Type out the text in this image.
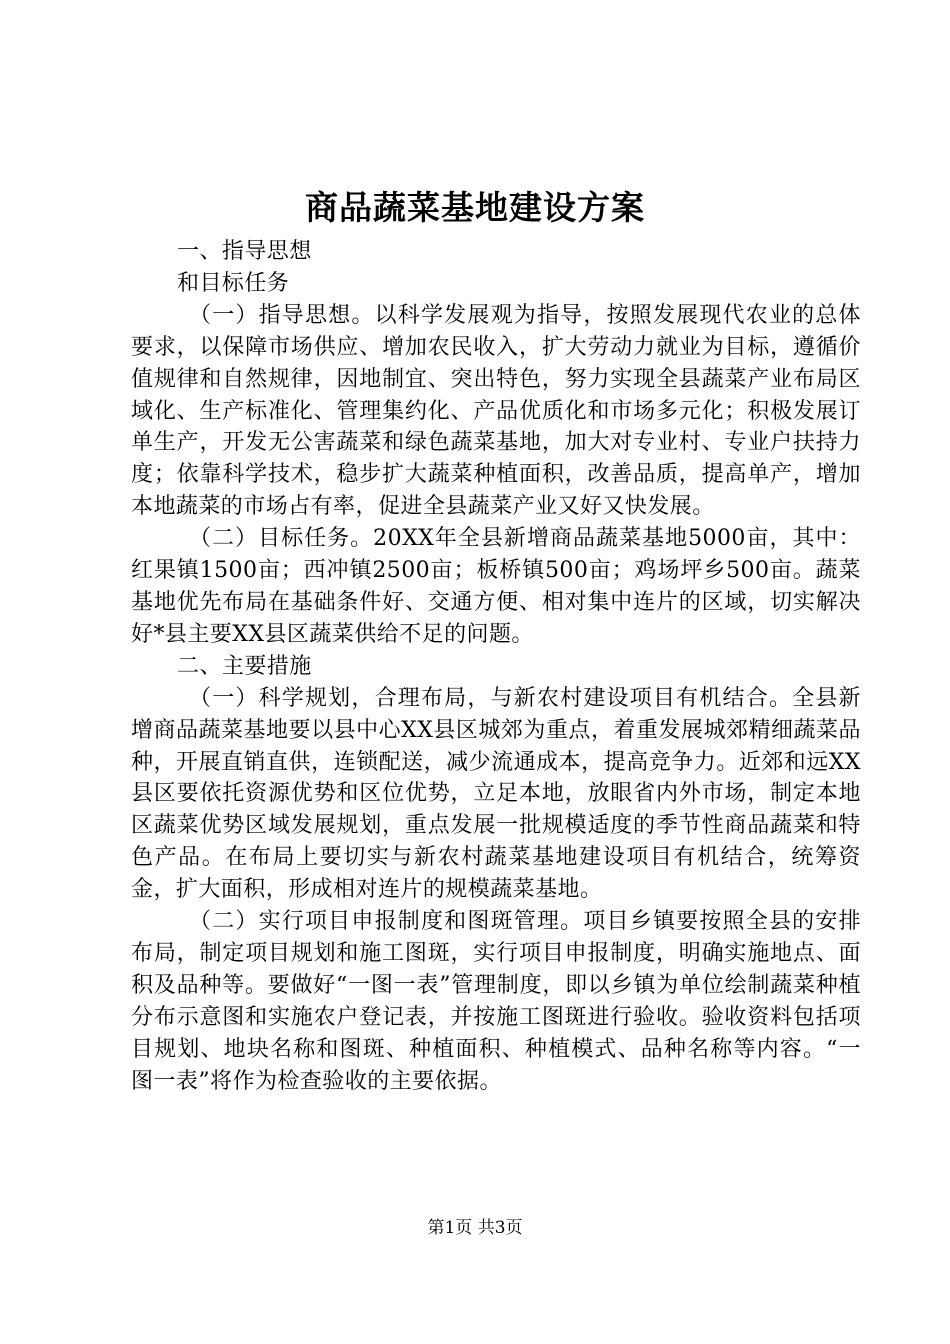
商品蔬菜基地建设方案

一、指导思想

和目标任务

（一）指导思想。以科学发展观为指导，按照发展现代农业的总体要求，以保障市场供应、增加农民收入，扩大劳动力就业为目标，遵循价值规律和自然规律，因地制宜、突出特色，努力实现全县蔬菜产业布局区域化、生产标准化、管理集约化、产品优质化和市场多元化；积极发展订单生产，开发无公害蔬菜和绿色蔬菜基地，加大对专业村、专业户扶持力度；依靠科学技术，稳步扩大蔬菜种植面积，改善品质，提高单产，增加本地蔬菜的市场占有率，促进全县蔬菜产业又好又快发展。

（二）目标任务。20XX年全县新增商品蔬菜基地5000亩，其中：红果镇1500亩；西冲镇2500亩；板桥镇500亩；鸡场坪乡500亩。蔬菜基地优先布局在基础条件好、交通方便、相对集中连片的区域，切实解决好*县主要XX县区蔬菜供给不足的问题。

二、主要措施

（一）科学规划，合理布局，与新农村建设项目有机结合。全县新增商品蔬菜基地要以县中心XX县区城郊为重点，着重发展城郊精细蔬菜品种，开展直销直供，连锁配送，减少流通成本，提高竞争力。近郊和远XX县区要依托资源优势和区位优势，立足本地，放眼省内外市场，制定本地区蔬菜优势区域发展规划，重点发展一批规模适度的季节性商品蔬菜和特色产品。在布局上要切实与新农村蔬菜基地建设项目有机结合，统筹资金，扩大面积，形成相对连片的规模蔬菜基地。

（二）实行项目申报制度和图斑管理。项目乡镇要按照全县的安排布局，制定项目规划和施工图斑，实行项目申报制度，明确实施地点、面积及品种等。要做好“一图一表”管理制度，即以乡镇为单位绘制蔬菜种植分布示意图和实施农户登记表，并按施工图斑进行验收。验收资料包括项目规划、地块名称和图斑、种植面积、种植模式、品种名称等内容。“一图一表”将作为检查验收的主要依据。

第1页 共3页
